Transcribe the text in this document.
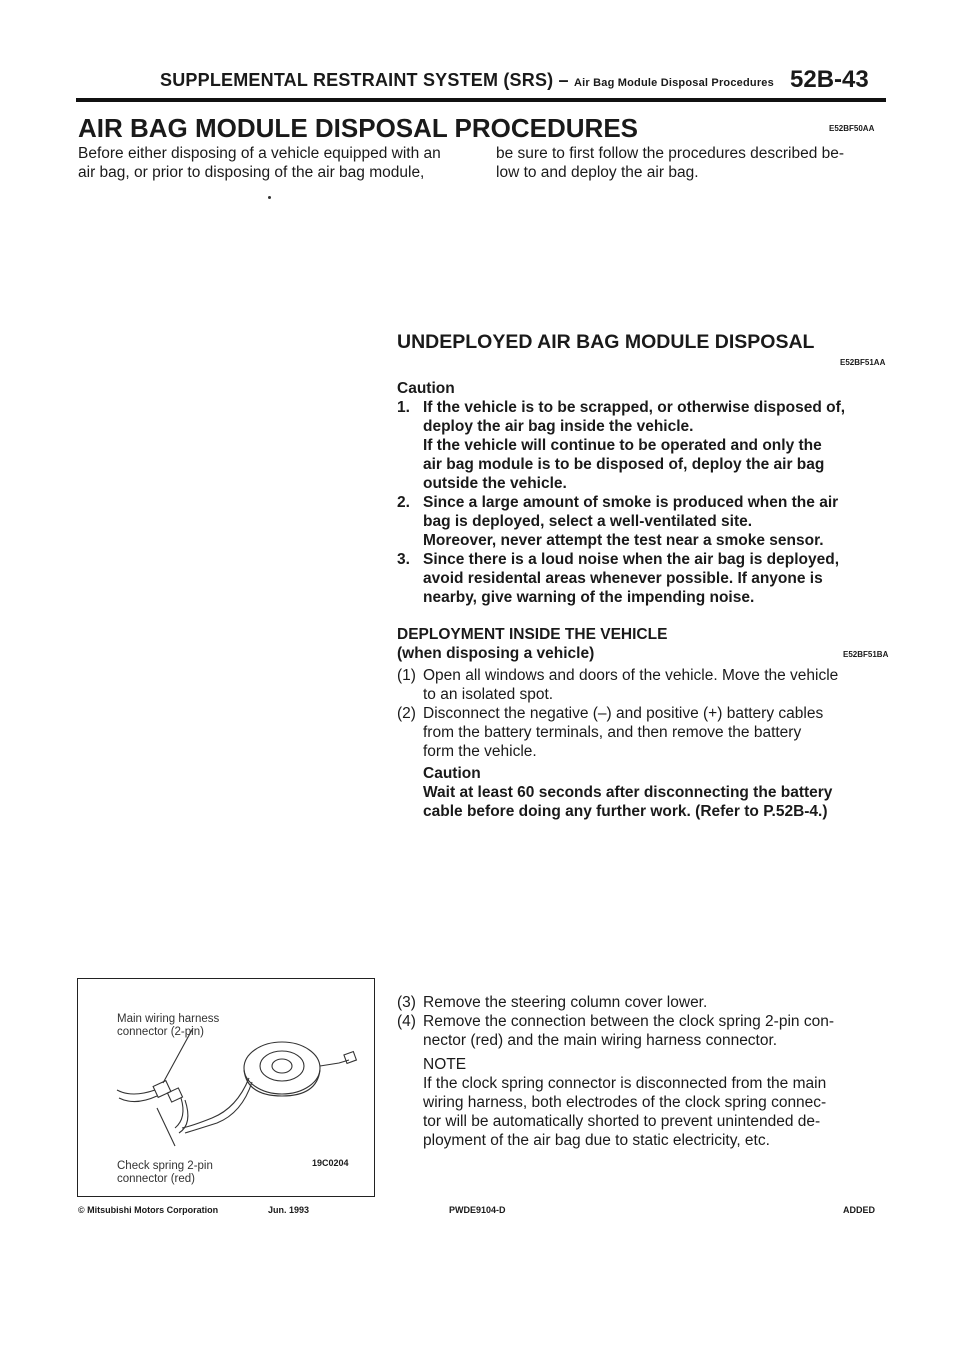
SUPPLEMENTAL RESTRAINT SYSTEM (SRS) – Air Bag Module Disposal Procedures 52B-43
AIR BAG MODULE DISPOSAL PROCEDURES	E52BF50AA
Before either disposing of a vehicle equipped with an
air bag, or prior to disposing of the air bag module,
be sure to first follow the procedures described be-
low to and deploy the air bag.
UNDEPLOYED AIR BAG MODULE DISPOSAL
E52BF51AA
Caution
1. If the vehicle is to be scrapped, or otherwise disposed of,
deploy the air bag inside the vehicle.
If the vehicle will continue to be operated and only the
air bag module is to be disposed of, deploy the air bag
outside the vehicle.
2. Since a large amount of smoke is produced when the air
bag is deployed, select a well-ventilated site.
Moreover, never attempt the test near a smoke sensor.
3. Since there is a loud noise when the air bag is deployed,
avoid residental areas whenever possible. If anyone is
nearby, give warning of the impending noise.
DEPLOYMENT INSIDE THE VEHICLE
(when disposing a vehicle)	E52BF51BA
(1) Open all windows and doors of the vehicle. Move the vehicle
to an isolated spot.
(2) Disconnect the negative (–) and positive (+) battery cables
from the battery terminals, and then remove the battery
form the vehicle.
Caution
Wait at least 60 seconds after disconnecting the battery
cable before doing any further work. (Refer to P.52B-4.)
(3) Remove the steering column cover lower.
(4) Remove the connection between the clock spring 2-pin con-
nector (red) and the main wiring harness connector.
NOTE
If the clock spring connector is disconnected from the main
wiring harness, both electrodes of the clock spring connec-
tor will be automatically shorted to prevent unintended de-
ployment of the air bag due to static electricity, etc.
Main wiring harness
connector (2-pin)
Check spring 2-pin
connector (red)
19C0204
© Mitsubishi Motors Corporation	Jun. 1993	PWDE9104-D	ADDED
